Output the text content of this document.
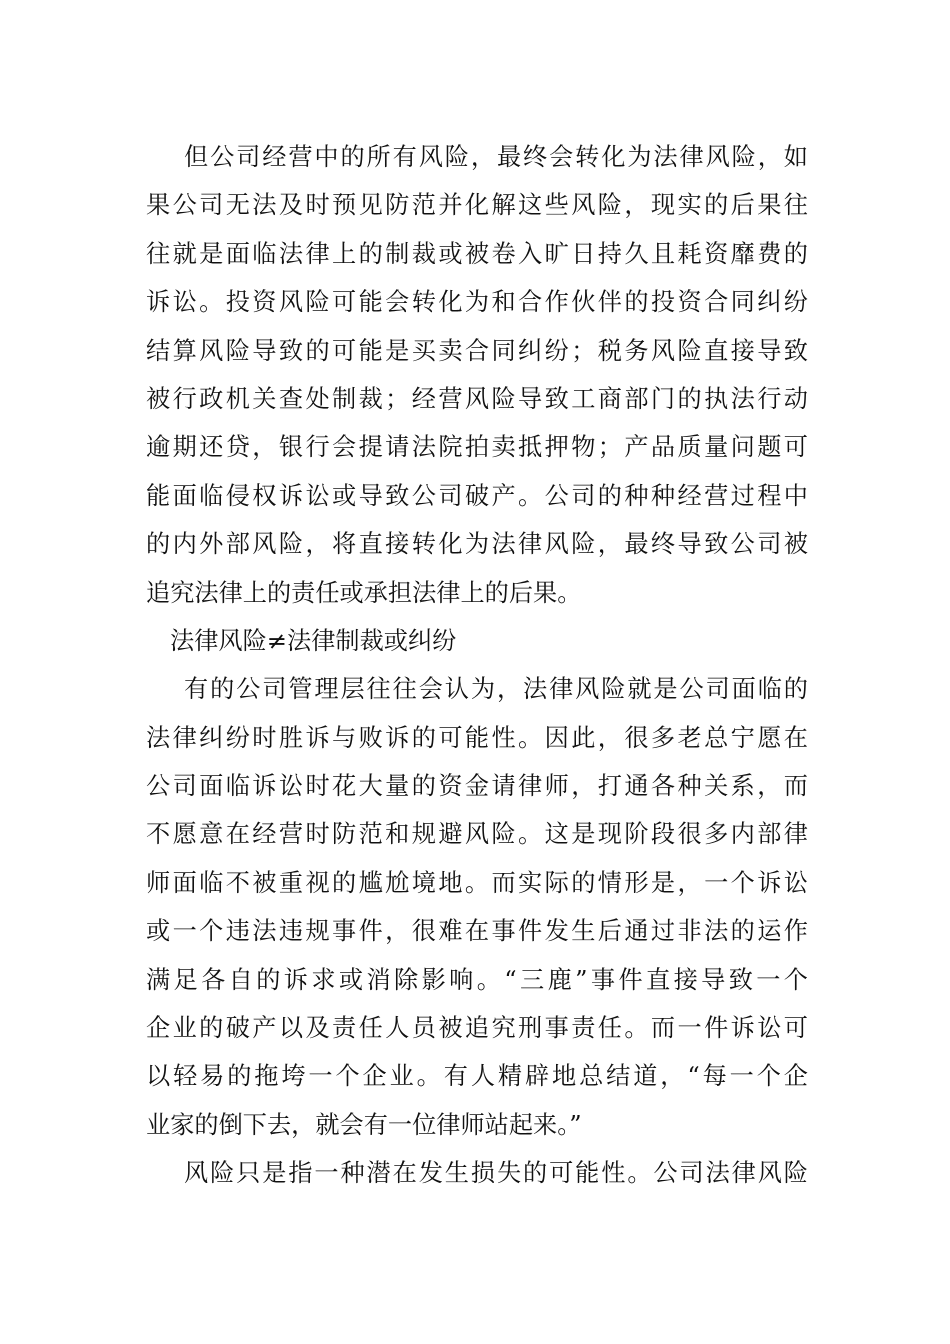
但公司经营中的所有风险，最终会转化为法律风险，如
果公司无法及时预见防范并化解这些风险，现实的后果往
往就是面临法律上的制裁或被卷入旷日持久且耗资靡费的
诉讼。投资风险可能会转化为和合作伙伴的投资合同纠纷
结算风险导致的可能是买卖合同纠纷；税务风险直接导致
被行政机关查处制裁；经营风险导致工商部门的执法行动
逾期还贷，银行会提请法院拍卖抵押物；产品质量问题可
能面临侵权诉讼或导致公司破产。公司的种种经营过程中
的内外部风险，将直接转化为法律风险，最终导致公司被
追究法律上的责任或承担法律上的后果。
法律风险≠法律制裁或纠纷
有的公司管理层往往会认为，法律风险就是公司面临的
法律纠纷时胜诉与败诉的可能性。因此，很多老总宁愿在
公司面临诉讼时花大量的资金请律师，打通各种关系，而
不愿意在经营时防范和规避风险。这是现阶段很多内部律
师面临不被重视的尴尬境地。而实际的情形是，一个诉讼
或一个违法违规事件，很难在事件发生后通过非法的运作
满足各自的诉求或消除影响。“三鹿”事件直接导致一个
企业的破产以及责任人员被追究刑事责任。而一件诉讼可
以轻易的拖垮一个企业。有人精辟地总结道，“每一个企
业家的倒下去，就会有一位律师站起来。”
风险只是指一种潜在发生损失的可能性。公司法律风险
